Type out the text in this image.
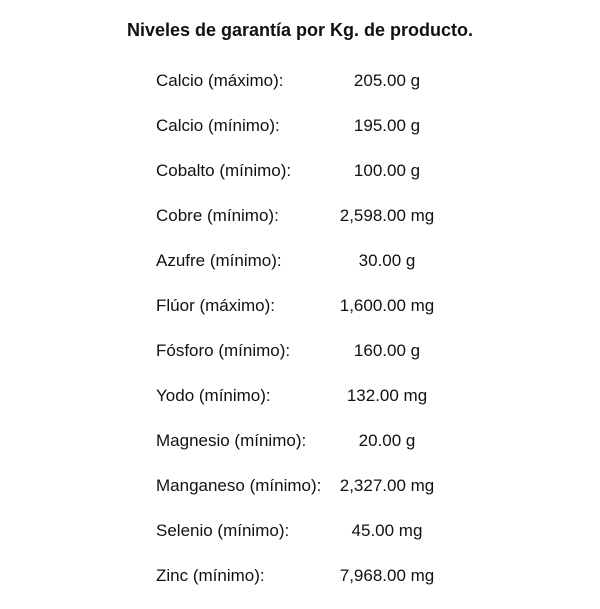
Niveles de garantía por Kg. de producto.
Calcio (máximo):	205.00 g
Calcio (mínimo):	195.00 g
Cobalto (mínimo):	100.00 g
Cobre (mínimo):	2,598.00 mg
Azufre (mínimo):	30.00 g
Flúor (máximo):	1,600.00 mg
Fósforo (mínimo):	160.00 g
Yodo (mínimo):	132.00 mg
Magnesio (mínimo):	20.00 g
Manganeso (mínimo):	2,327.00 mg
Selenio (mínimo):	45.00 mg
Zinc (mínimo):	7,968.00 mg
